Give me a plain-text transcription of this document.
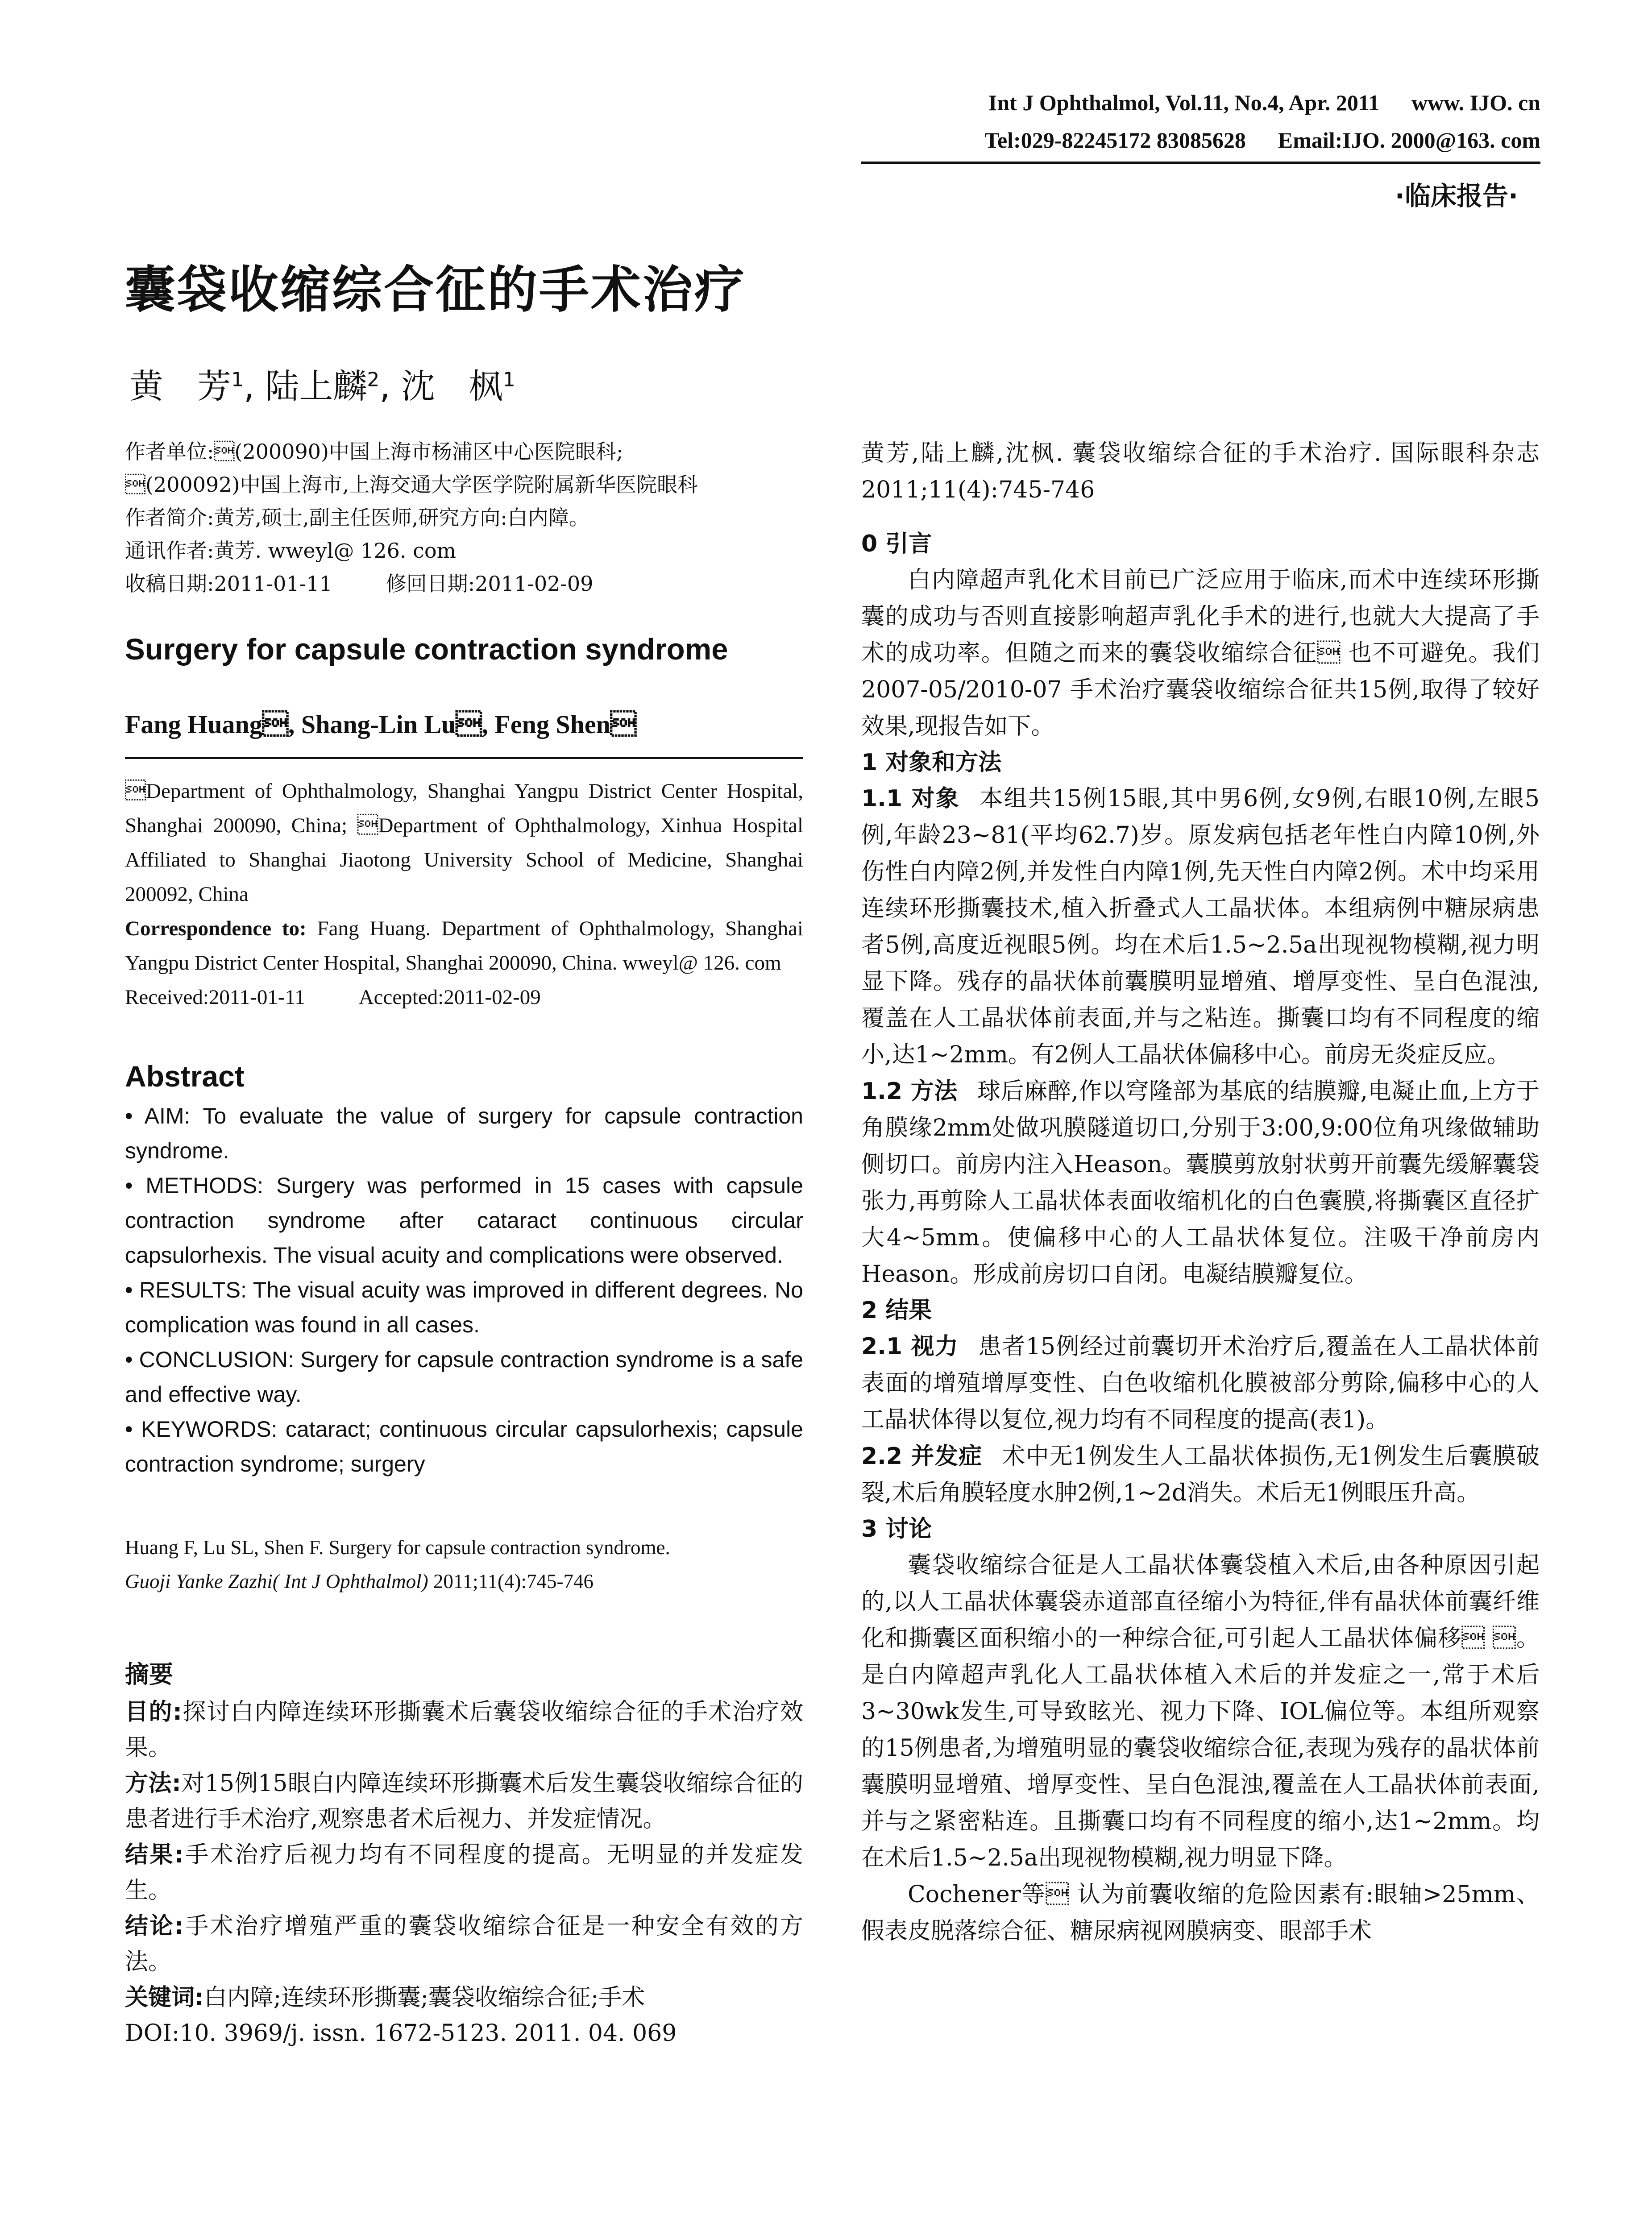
Int J Ophthalmol, Vol.11, No.4, Apr. 2011 www. IJO. cn
Tel:029-82245172 83085628 Email:IJO. 2000@163. com
·临床报告·
囊袋收缩综合征的手术治疗
黄　芳$^1$, 陆上麟$^2$, 沈　枫$^1$

作者单位:(200090)中国上海市杨浦区中心医院眼科;

(200092)中国上海市,上海交通大学医学院附属新华医院眼科

作者简介:黄芳,硕士,副主任医师,研究方向:白内障。

通讯作者:黄芳. wweyl@ 126. com

收稿日期:2011-01-11	修回日期:2011-02-09

Surgery for capsule contraction syndrome
Fang Huang, Shang-Lin Lu, Feng Shen

Department of Ophthalmology, Shanghai Yangpu District Center Hospital, Shanghai 200090, China; Department of Ophthalmology, Xinhua Hospital Affiliated to Shanghai Jiaotong University School of Medicine, Shanghai 200092, China

Correspondence to: Fang Huang. Department of Ophthalmology, Shanghai Yangpu District Center Hospital, Shanghai 200090, China. wweyl@ 126. com

Received:2011-01-11	Accepted:2011-02-09

Abstract

• AIM: To evaluate the value of surgery for capsule contraction syndrome.

• METHODS: Surgery was performed in 15 cases with capsule contraction syndrome after cataract continuous circular capsulorhexis. The visual acuity and complications were observed.

• RESULTS: The visual acuity was improved in different degrees. No complication was found in all cases.

• CONCLUSION: Surgery for capsule contraction syndrome is a safe and effective way.

• KEYWORDS: cataract; continuous circular capsulorhexis; capsule contraction syndrome; surgery

Huang F, Lu SL, Shen F. Surgery for capsule contraction syndrome.

Guoji Yanke Zazhi( Int J Ophthalmol) 2011;11(4):745-746

摘要

目的:探讨白内障连续环形撕囊术后囊袋收缩综合征的手术治疗效果。

方法:对15例15眼白内障连续环形撕囊术后发生囊袋收缩综合征的患者进行手术治疗,观察患者术后视力、并发症情况。

结果:手术治疗后视力均有不同程度的提高。无明显的并发症发生。

结论:手术治疗增殖严重的囊袋收缩综合征是一种安全有效的方法。

关键词:白内障;连续环形撕囊;囊袋收缩综合征;手术

DOI:10. 3969/j. issn. 1672-5123. 2011. 04. 069

黄芳,陆上麟,沈枫. 囊袋收缩综合征的手术治疗. 国际眼科杂志 2011;11(4):745-746

0 引言

白内障超声乳化术目前已广泛应用于临床,而术中连续环形撕囊的成功与否则直接影响超声乳化手术的进行,也就大大提高了手术的成功率。但随之而来的囊袋收缩综合征 也不可避免。我们 2007-05/2010-07 手术治疗囊袋收缩综合征共15例,取得了较好效果,现报告如下。

1 对象和方法

1.1 对象 本组共15例15眼,其中男6例,女9例,右眼10例,左眼5例,年龄23~81(平均62.7)岁。原发病包括老年性白内障10例,外伤性白内障2例,并发性白内障1例,先天性白内障2例。术中均采用连续环形撕囊技术,植入折叠式人工晶状体。本组病例中糖尿病患者5例,高度近视眼5例。均在术后1.5~2.5a出现视物模糊,视力明显下降。残存的晶状体前囊膜明显增殖、增厚变性、呈白色混浊,覆盖在人工晶状体前表面,并与之粘连。撕囊口均有不同程度的缩小,达1~2mm。有2例人工晶状体偏移中心。前房无炎症反应。

1.2 方法 球后麻醉,作以穹隆部为基底的结膜瓣,电凝止血,上方于角膜缘2mm处做巩膜隧道切口,分别于3:00,9:00位角巩缘做辅助侧切口。前房内注入Heason。囊膜剪放射状剪开前囊先缓解囊袋张力,再剪除人工晶状体表面收缩机化的白色囊膜,将撕囊区直径扩大4~5mm。使偏移中心的人工晶状体复位。注吸干净前房内Heason。形成前房切口自闭。电凝结膜瓣复位。

2 结果

2.1 视力 患者15例经过前囊切开术治疗后,覆盖在人工晶状体前表面的增殖增厚变性、白色收缩机化膜被部分剪除,偏移中心的人工晶状体得以复位,视力均有不同程度的提高(表1)。

2.2 并发症 术中无1例发生人工晶状体损伤,无1例发生后囊膜破裂,术后角膜轻度水肿2例,1~2d消失。术后无1例眼压升高。

3 讨论

囊袋收缩综合征是人工晶状体囊袋植入术后,由各种原因引起的,以人工晶状体囊袋赤道部直径缩小为特征,伴有晶状体前囊纤维化和撕囊区面积缩小的一种综合征,可引起人工晶状体偏移 。是白内障超声乳化人工晶状体植入术后的并发症之一,常于术后3~30wk发生,可导致眩光、视力下降、IOL偏位等。本组所观察的15例患者,为增殖明显的囊袋收缩综合征,表现为残存的晶状体前囊膜明显增殖、增厚变性、呈白色混浊,覆盖在人工晶状体前表面,并与之紧密粘连。且撕囊口均有不同程度的缩小,达1~2mm。均在术后1.5~2.5a出现视物模糊,视力明显下降。

Cochener等 认为前囊收缩的危险因素有:眼轴>25mm、假表皮脱落综合征、糖尿病视网膜病变、眼部手术
